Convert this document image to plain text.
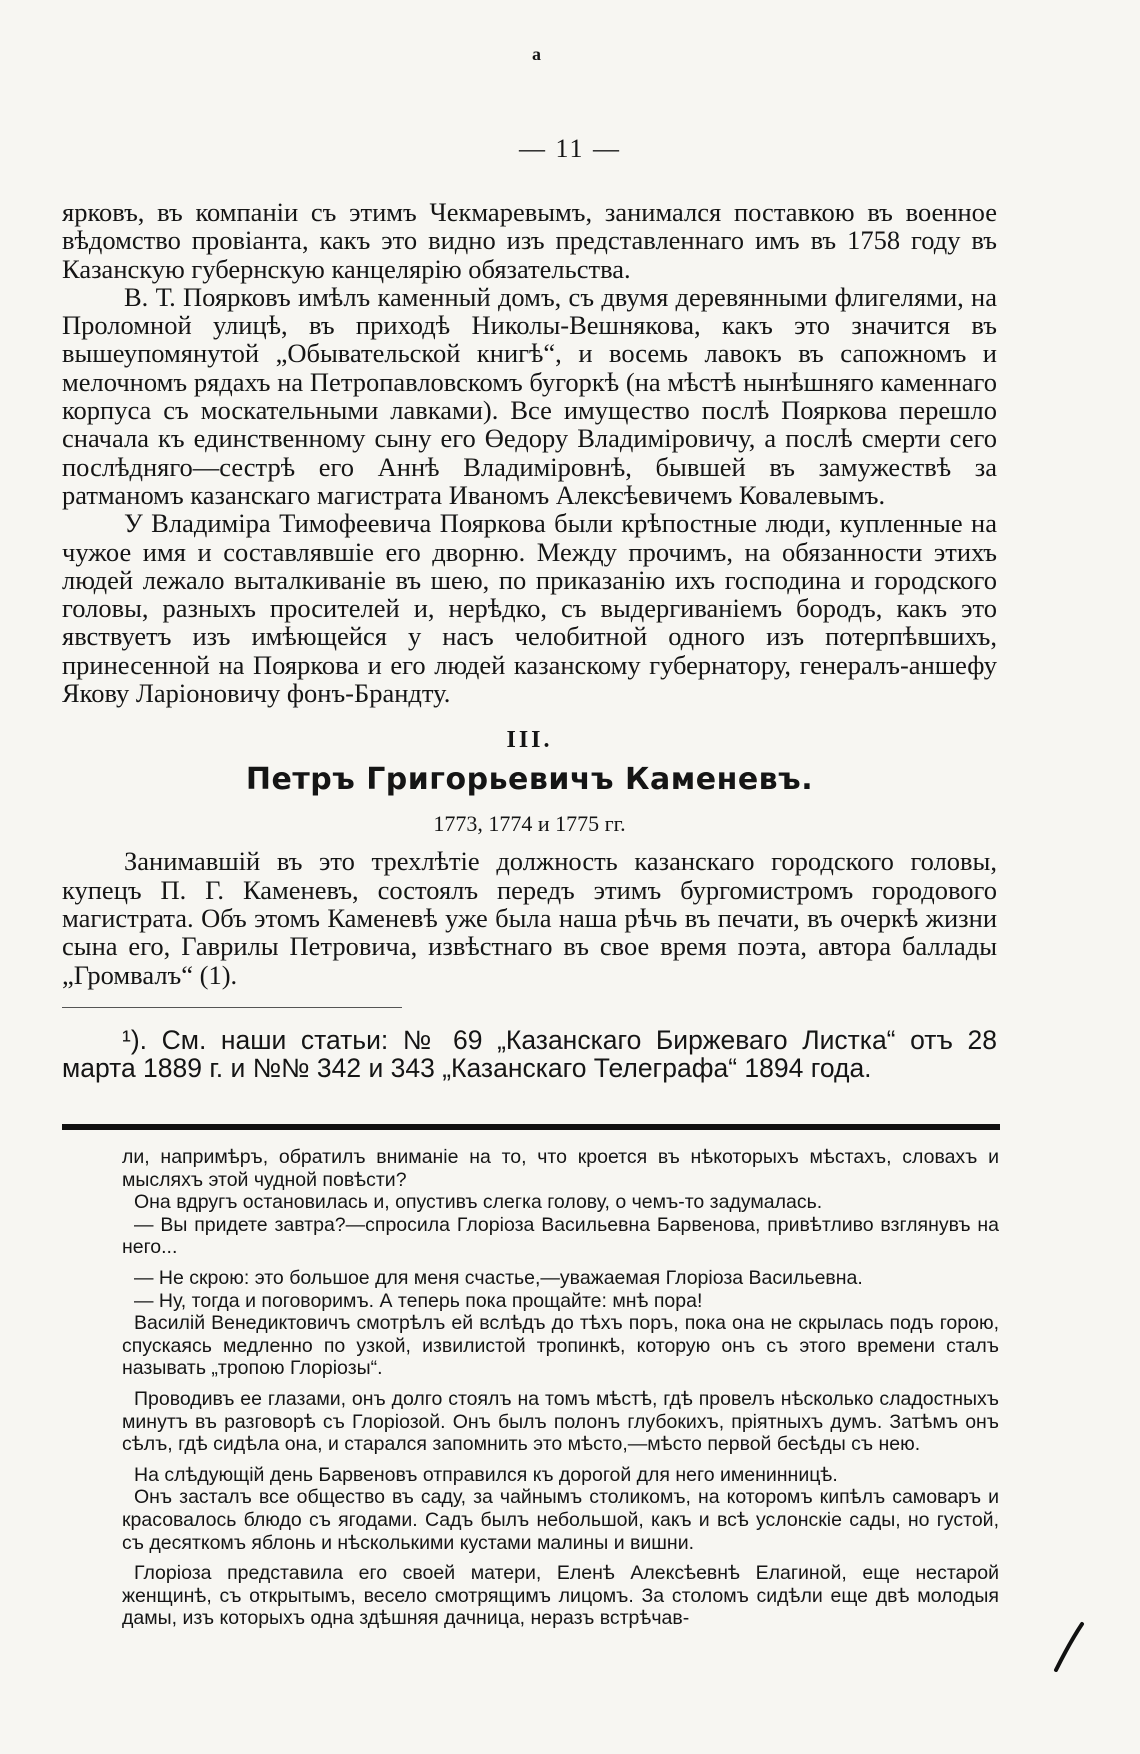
a
— 11 —

ярковъ, въ компаніи съ этимъ Чекмаревымъ, занимался поставкою въ военное вѣдомство провіанта, какъ это видно изъ представленнаго имъ въ 1758 году въ Казанскую губернскую канцелярію обязательства.

В. Т. Поярковъ имѣлъ каменный домъ, съ двумя деревянными флигелями, на Проломной улицѣ, въ приходѣ Николы-Вешнякова, какъ это значится въ вышеупомянутой „Обывательской книгѣ“, и восемь лавокъ въ сапожномъ и мелочномъ рядахъ на Петропавловскомъ бугоркѣ (на мѣстѣ нынѣшняго каменнаго корпуса съ москательными лавками). Все имущество послѣ Пояркова перешло сначала къ единственному сыну его Өедору Владиміровичу, а послѣ смерти сего послѣдняго—сестрѣ его Аннѣ Владиміровнѣ, бывшей въ замужествѣ за ратманомъ казанскаго магистрата Иваномъ Алексѣевичемъ Ковалевымъ.

У Владиміра Тимофеевича Пояркова были крѣпостные люди, купленные на чужое имя и составлявшіе его дворню. Между прочимъ, на обязанности этихъ людей лежало выталкиваніе въ шею, по приказанію ихъ господина и городского головы, разныхъ просителей и, нерѣдко, съ выдергиваніемъ бородъ, какъ это явствуетъ изъ имѣющейся у насъ челобитной одного изъ потерпѣвшихъ, принесенной на Пояркова и его людей казанскому губернатору, генералъ-аншефу Якову Ларіоновичу фонъ-Брандту.

III.
Петръ Григорьевичъ Каменевъ.
1773, 1774 и 1775 гг.

Занимавшій въ это трехлѣтіе должность казанскаго городского головы, купецъ П. Г. Каменевъ, состоялъ передъ этимъ бургомистромъ городового магистрата. Объ этомъ Каменевѣ уже была наша рѣчь въ печати, въ очеркѣ жизни сына его, Гаврилы Петровича, извѣстнаго въ свое время поэта, автора баллады „Громвалъ“ (1).

¹). См. наши статьи: № 69 „Казанскаго Биржеваго Листка“ отъ 28 марта 1889 г. и №№ 342 и 343 „Казанскаго Телеграфа“ 1894 года.

ли, напримѣръ, обратилъ вниманіе на то, что кроется въ нѣкоторыхъ мѣстахъ, словахъ и мысляхъ этой чудной повѣсти?

Она вдругъ остановилась и, опустивъ слегка голову, о чемъ-то задумалась.

— Вы придете завтра?—спросила Глоріоза Васильевна Барвенова, привѣтливо взглянувъ на него...

— Не скрою: это большое для меня счастье,—уважаемая Глоріоза Васильевна.

— Ну, тогда и поговоримъ. А теперь пока прощайте: мнѣ пора!

Василій Венедиктовичъ смотрѣлъ ей вслѣдъ до тѣхъ поръ, пока она не скрылась подъ горою, спускаясь медленно по узкой, извилистой тропинкѣ, которую онъ съ этого времени сталъ называть „тропою Глоріозы“.

Проводивъ ее глазами, онъ долго стоялъ на томъ мѣстѣ, гдѣ провелъ нѣсколько сладостныхъ минутъ въ разговорѣ съ Глоріозой. Онъ былъ полонъ глубокихъ, пріятныхъ думъ. Затѣмъ онъ сѣлъ, гдѣ сидѣла она, и старался запомнить это мѣсто,—мѣсто первой бесѣды съ нею.

На слѣдующій день Барвеновъ отправился къ дорогой для него именинницѣ.

Онъ засталъ все общество въ саду, за чайнымъ столикомъ, на которомъ кипѣлъ самоваръ и красовалось блюдо съ ягодами. Садъ былъ небольшой, какъ и всѣ услонскіе сады, но густой, съ десяткомъ яблонь и нѣсколькими кустами малины и вишни.

Глоріоза представила его своей матери, Еленѣ Алексѣевнѣ Елагиной, еще нестарой женщинѣ, съ открытымъ, весело смотрящимъ лицомъ. За столомъ сидѣли еще двѣ молодыя дамы, изъ которыхъ одна здѣшняя дачница, неразъ встрѣчав-
